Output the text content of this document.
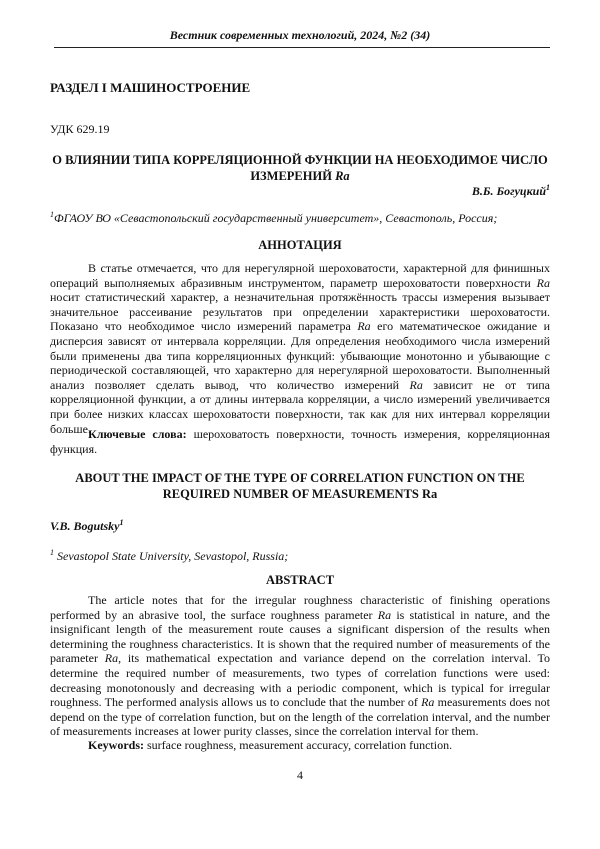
Вестник современных технологий, 2024, №2 (34)
РАЗДЕЛ I МАШИНОСТРОЕНИЕ
УДК 629.19
О ВЛИЯНИИ ТИПА КОРРЕЛЯЦИОННОЙ ФУНКЦИИ НА НЕОБХОДИМОЕ ЧИСЛО ИЗМЕРЕНИЙ Ra
В.Б. Богуцкий$^1$
$^1$ФГАОУ ВО «Севастопольский государственный университет», Севастополь, Россия;
АННОТАЦИЯ

В статье отмечается, что для нерегулярной шероховатости, характерной для финишных операций выполняемых абразивным инструментом, параметр шероховатости поверхности Ra носит статистический характер, а незначительная протяжённость трассы измерения вызывает значительное рассеивание результатов при определении характеристики шероховатости. Показано что необходимое число измерений параметра Ra его математическое ожидание и дисперсия зависят от интервала корреляции. Для определения необходимого числа измерений были применены два типа корреляционных функций: убывающие монотонно и убывающие с периодической составляющей, что характерно для нерегулярной шероховатости. Выполненный анализ позволяет сделать вывод, что количество измерений Ra зависит не от типа корреляционной функции, а от длины интервала корреляции, а число измерений увеличивается при более низких классах шероховатости поверхности, так как для них интервал корреляции больше.

Ключевые слова: шероховатость поверхности, точность измерения, корреляционная функция.

ABOUT THE IMPACT OF THE TYPE OF CORRELATION FUNCTION ON THE REQUIRED NUMBER OF MEASUREMENTS Ra
V.B. Bogutsky$^1$
$^1$ Sevastopol State University, Sevastopol, Russia;
ABSTRACT

The article notes that for the irregular roughness characteristic of finishing operations performed by an abrasive tool, the surface roughness parameter Ra is statistical in nature, and the insignificant length of the measurement route causes a significant dispersion of the results when determining the roughness characteristics. It is shown that the required number of measurements of the parameter Ra, its mathematical expectation and variance depend on the correlation interval. To determine the required number of measurements, two types of correlation functions were used: decreasing monotonously and decreasing with a periodic component, which is typical for irregular roughness. The performed analysis allows us to conclude that the number of Ra measurements does not depend on the type of correlation function, but on the length of the correlation interval, and the number of measurements increases at lower purity classes, since the correlation interval for them.

Keywords: surface roughness, measurement accuracy, correlation function.

4
